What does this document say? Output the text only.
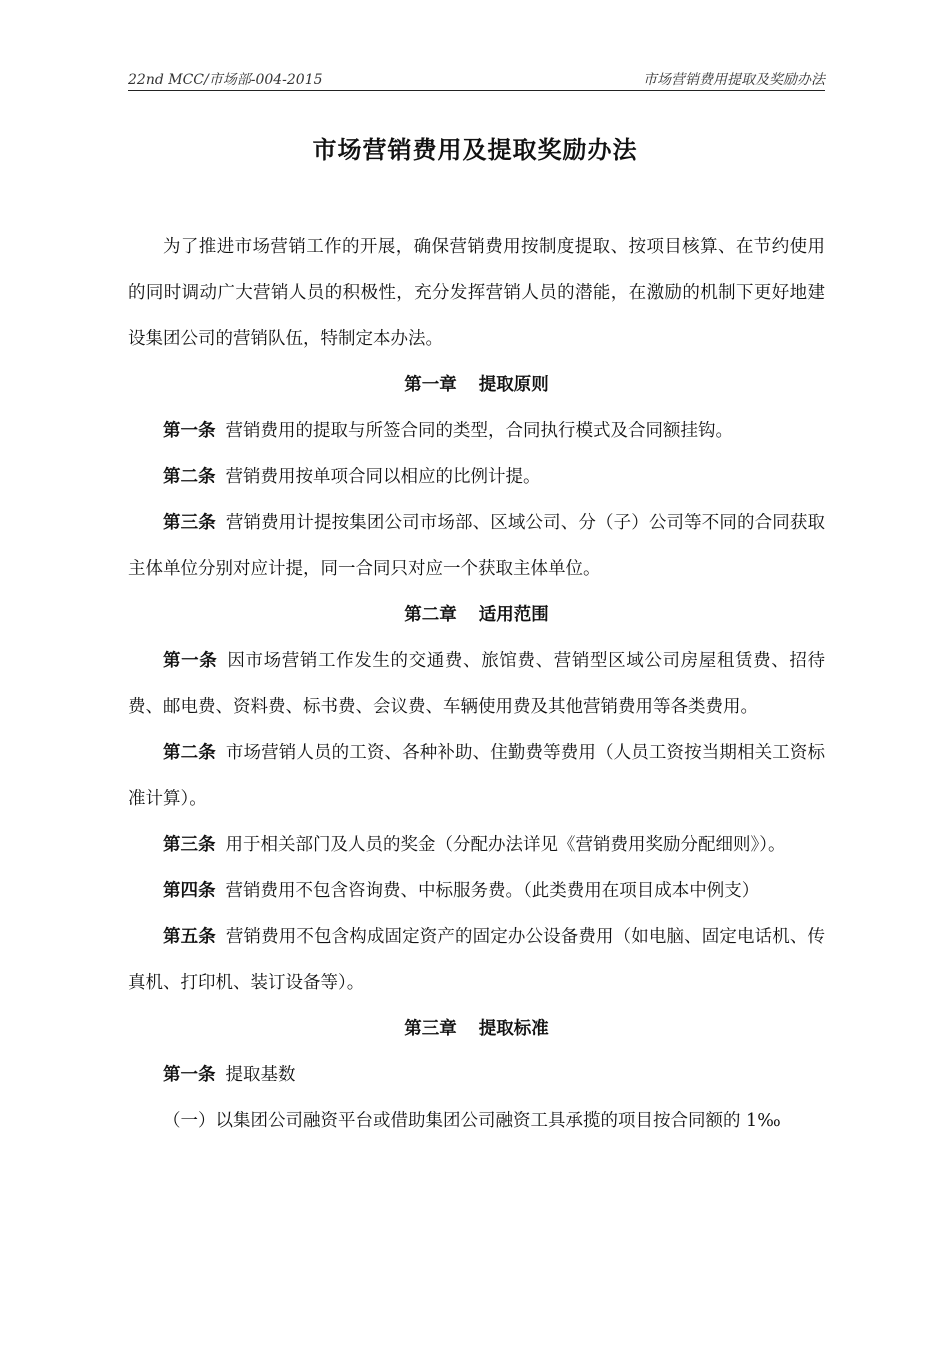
22nd MCC/市场部-004-2015	市场营销费用提取及奖励办法
市场营销费用及提取奖励办法

为了推进市场营销工作的开展，确保营销费用按制度提取、按项目核算、在节约使用的同时调动广大营销人员的积极性，充分发挥营销人员的潜能，在激励的机制下更好地建设集团公司的营销队伍，特制定本办法。

第一章 提取原则

第一条 营销费用的提取与所签合同的类型，合同执行模式及合同额挂钩。

第二条 营销费用按单项合同以相应的比例计提。

第三条 营销费用计提按集团公司市场部、区域公司、分（子）公司等不同的合同获取主体单位分别对应计提，同一合同只对应一个获取主体单位。

第二章 适用范围

第一条 因市场营销工作发生的交通费、旅馆费、营销型区域公司房屋租赁费、招待费、邮电费、资料费、标书费、会议费、车辆使用费及其他营销费用等各类费用。

第二条 市场营销人员的工资、各种补助、住勤费等费用（人员工资按当期相关工资标准计算）。

第三条 用于相关部门及人员的奖金（分配办法详见《营销费用奖励分配细则》）。

第四条 营销费用不包含咨询费、中标服务费。（此类费用在项目成本中例支）

第五条 营销费用不包含构成固定资产的固定办公设备费用（如电脑、固定电话机、传真机、打印机、装订设备等）。

第三章 提取标准

第一条 提取基数

（一）以集团公司融资平台或借助集团公司融资工具承揽的项目按合同额的 1‰
